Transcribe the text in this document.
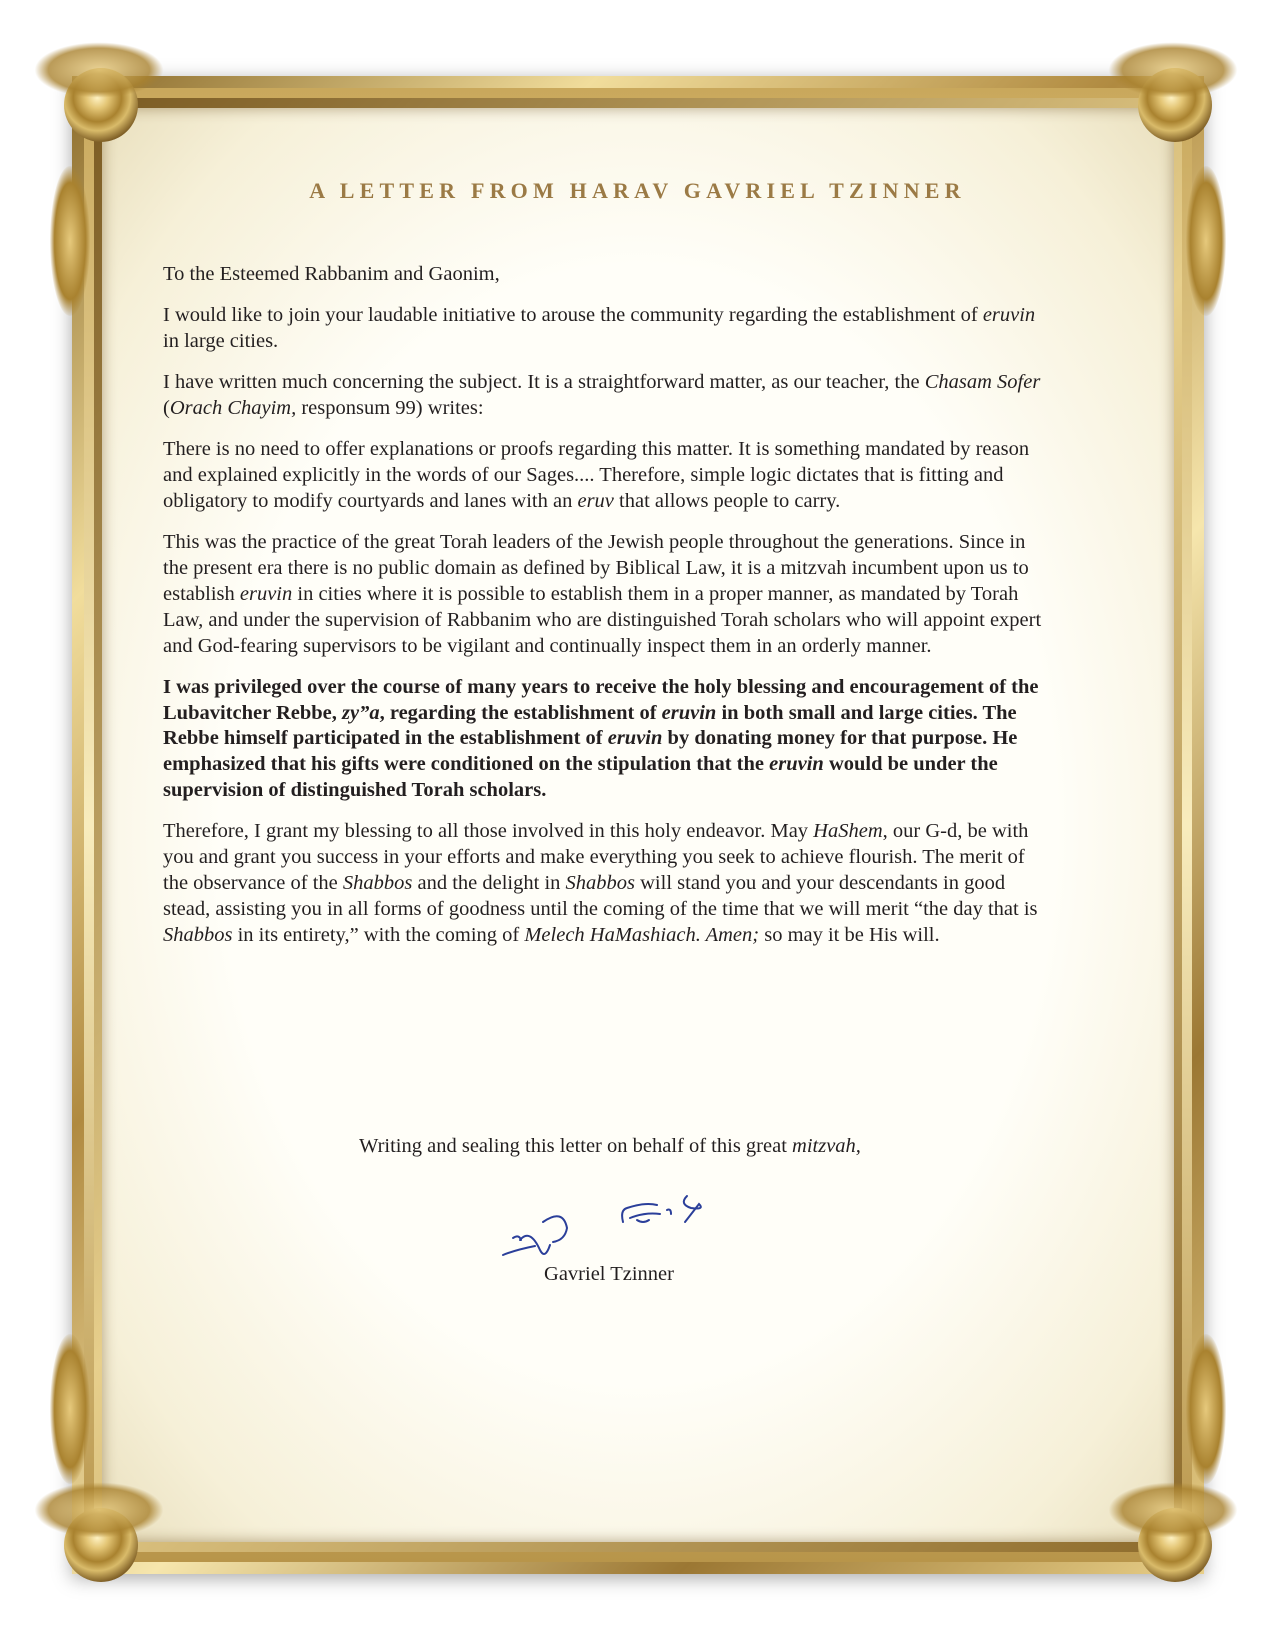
A LETTER FROM HARAV GAVRIEL TZINNER

To the Esteemed Rabbanim and Gaonim,

I would like to join your laudable initiative to arouse the community regarding the establishment of eruvin in large cities.

I have written much concerning the subject. It is a straightforward matter, as our teacher, the Chasam Sofer (Orach Chayim, responsum 99) writes:

There is no need to offer explanations or proofs regarding this matter. It is something mandated by reason and explained explicitly in the words of our Sages.... Therefore, simple logic dictates that is fitting and obligatory to modify courtyards and lanes with an eruv that allows people to carry.

This was the practice of the great Torah leaders of the Jewish people throughout the generations. Since in the present era there is no public domain as defined by Biblical Law, it is a mitzvah incumbent upon us to establish eruvin in cities where it is possible to establish them in a proper manner, as mandated by Torah Law, and under the supervision of Rabbanim who are distinguished Torah scholars who will appoint expert and God-fearing supervisors to be vigilant and continually inspect them in an orderly manner.

I was privileged over the course of many years to receive the holy blessing and encouragement of the Lubavitcher Rebbe, zy”a, regarding the establishment of eruvin in both small and large cities. The Rebbe himself participated in the establishment of eruvin by donating money for that purpose. He emphasized that his gifts were conditioned on the stipulation that the eruvin would be under the supervision of distinguished Torah scholars.

Therefore, I grant my blessing to all those involved in this holy endeavor. May HaShem, our G-d, be with you and grant you success in your efforts and make everything you seek to achieve flourish. The merit of the observance of the Shabbos and the delight in Shabbos will stand you and your descendants in good stead, assisting you in all forms of goodness until the coming of the time that we will merit “the day that is Shabbos in its entirety,” with the coming of Melech HaMashiach. Amen; so may it be His will.

Writing and sealing this letter on behalf of this great mitzvah,
Gavriel Tzinner
